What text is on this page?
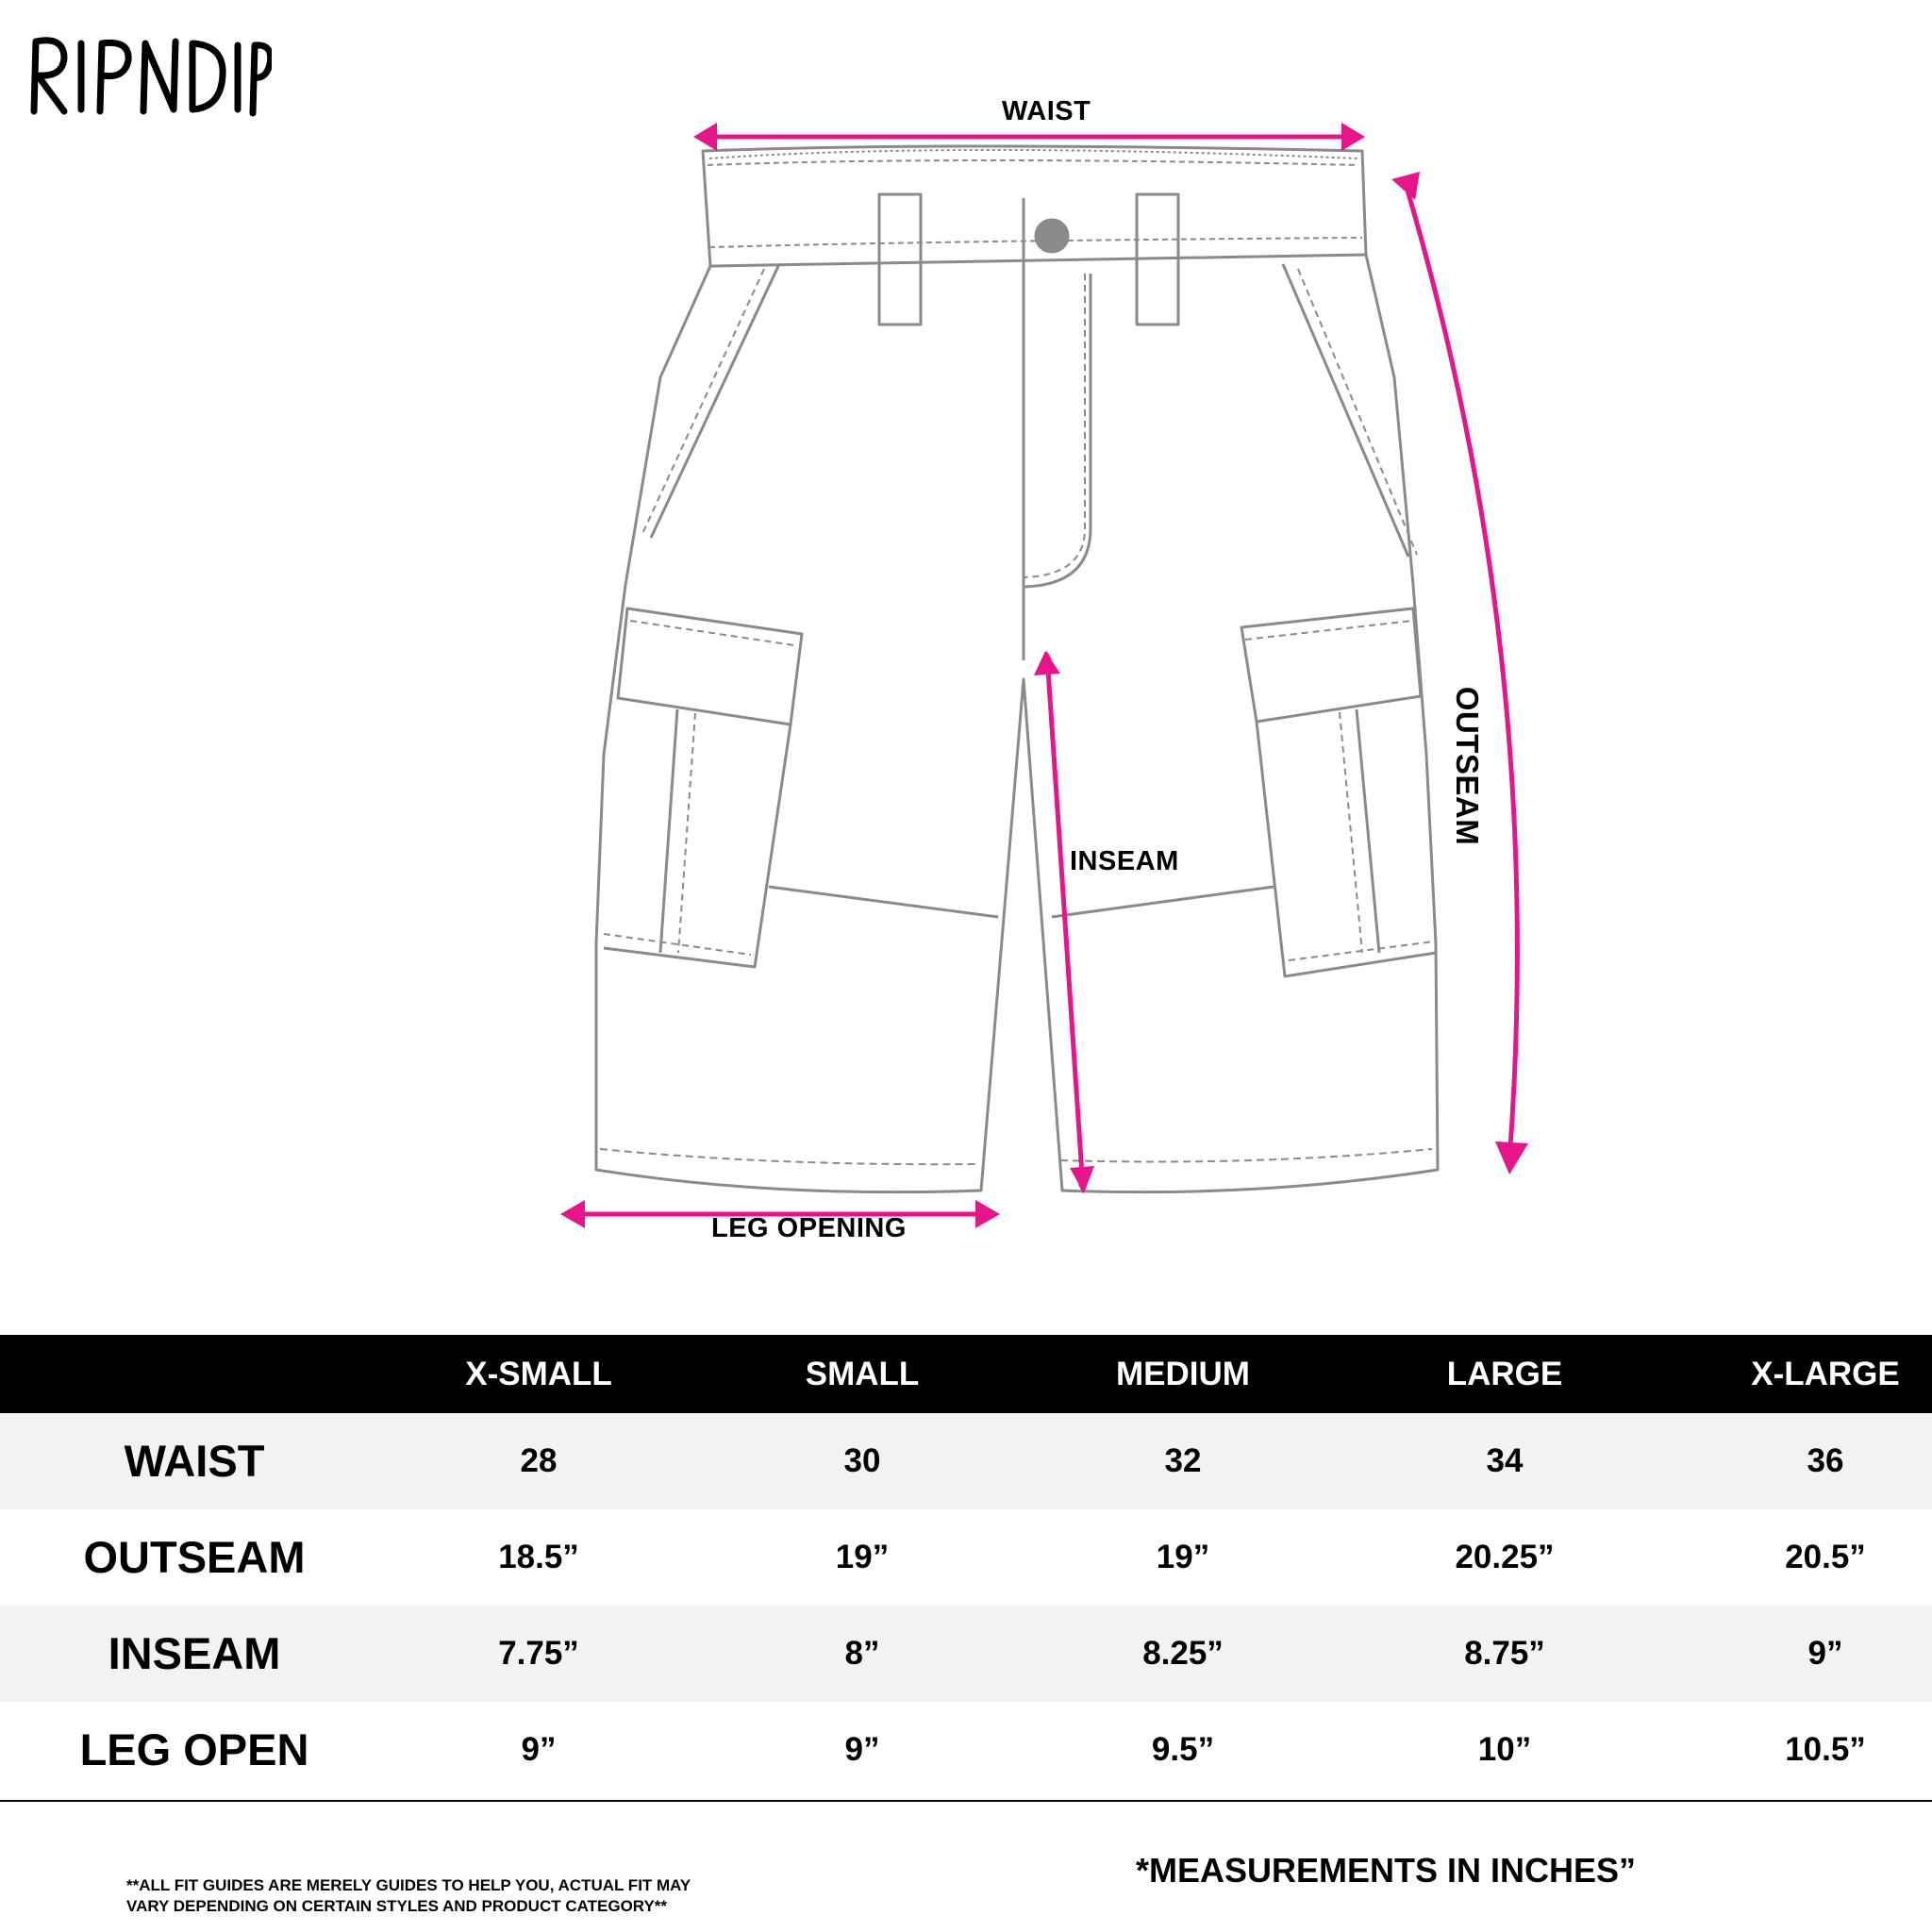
WAIST
OUTSEAM
INSEAM
LEG OPENING
X-SMALL	SMALL	MEDIUM	LARGE	X-LARGE
WAIST	28	30	32	34	36
OUTSEAM	18.5”	19”	19”	20.25”	20.5”
INSEAM	7.75”	8”	8.25”	8.75”	9”
LEG OPEN	9”	9”	9.5”	10”	10.5”
*MEASUREMENTS IN INCHES”
**ALL FIT GUIDES ARE MERELY GUIDES TO HELP YOU, ACTUAL FIT MAY
VARY DEPENDING ON CERTAIN STYLES AND PRODUCT CATEGORY**
